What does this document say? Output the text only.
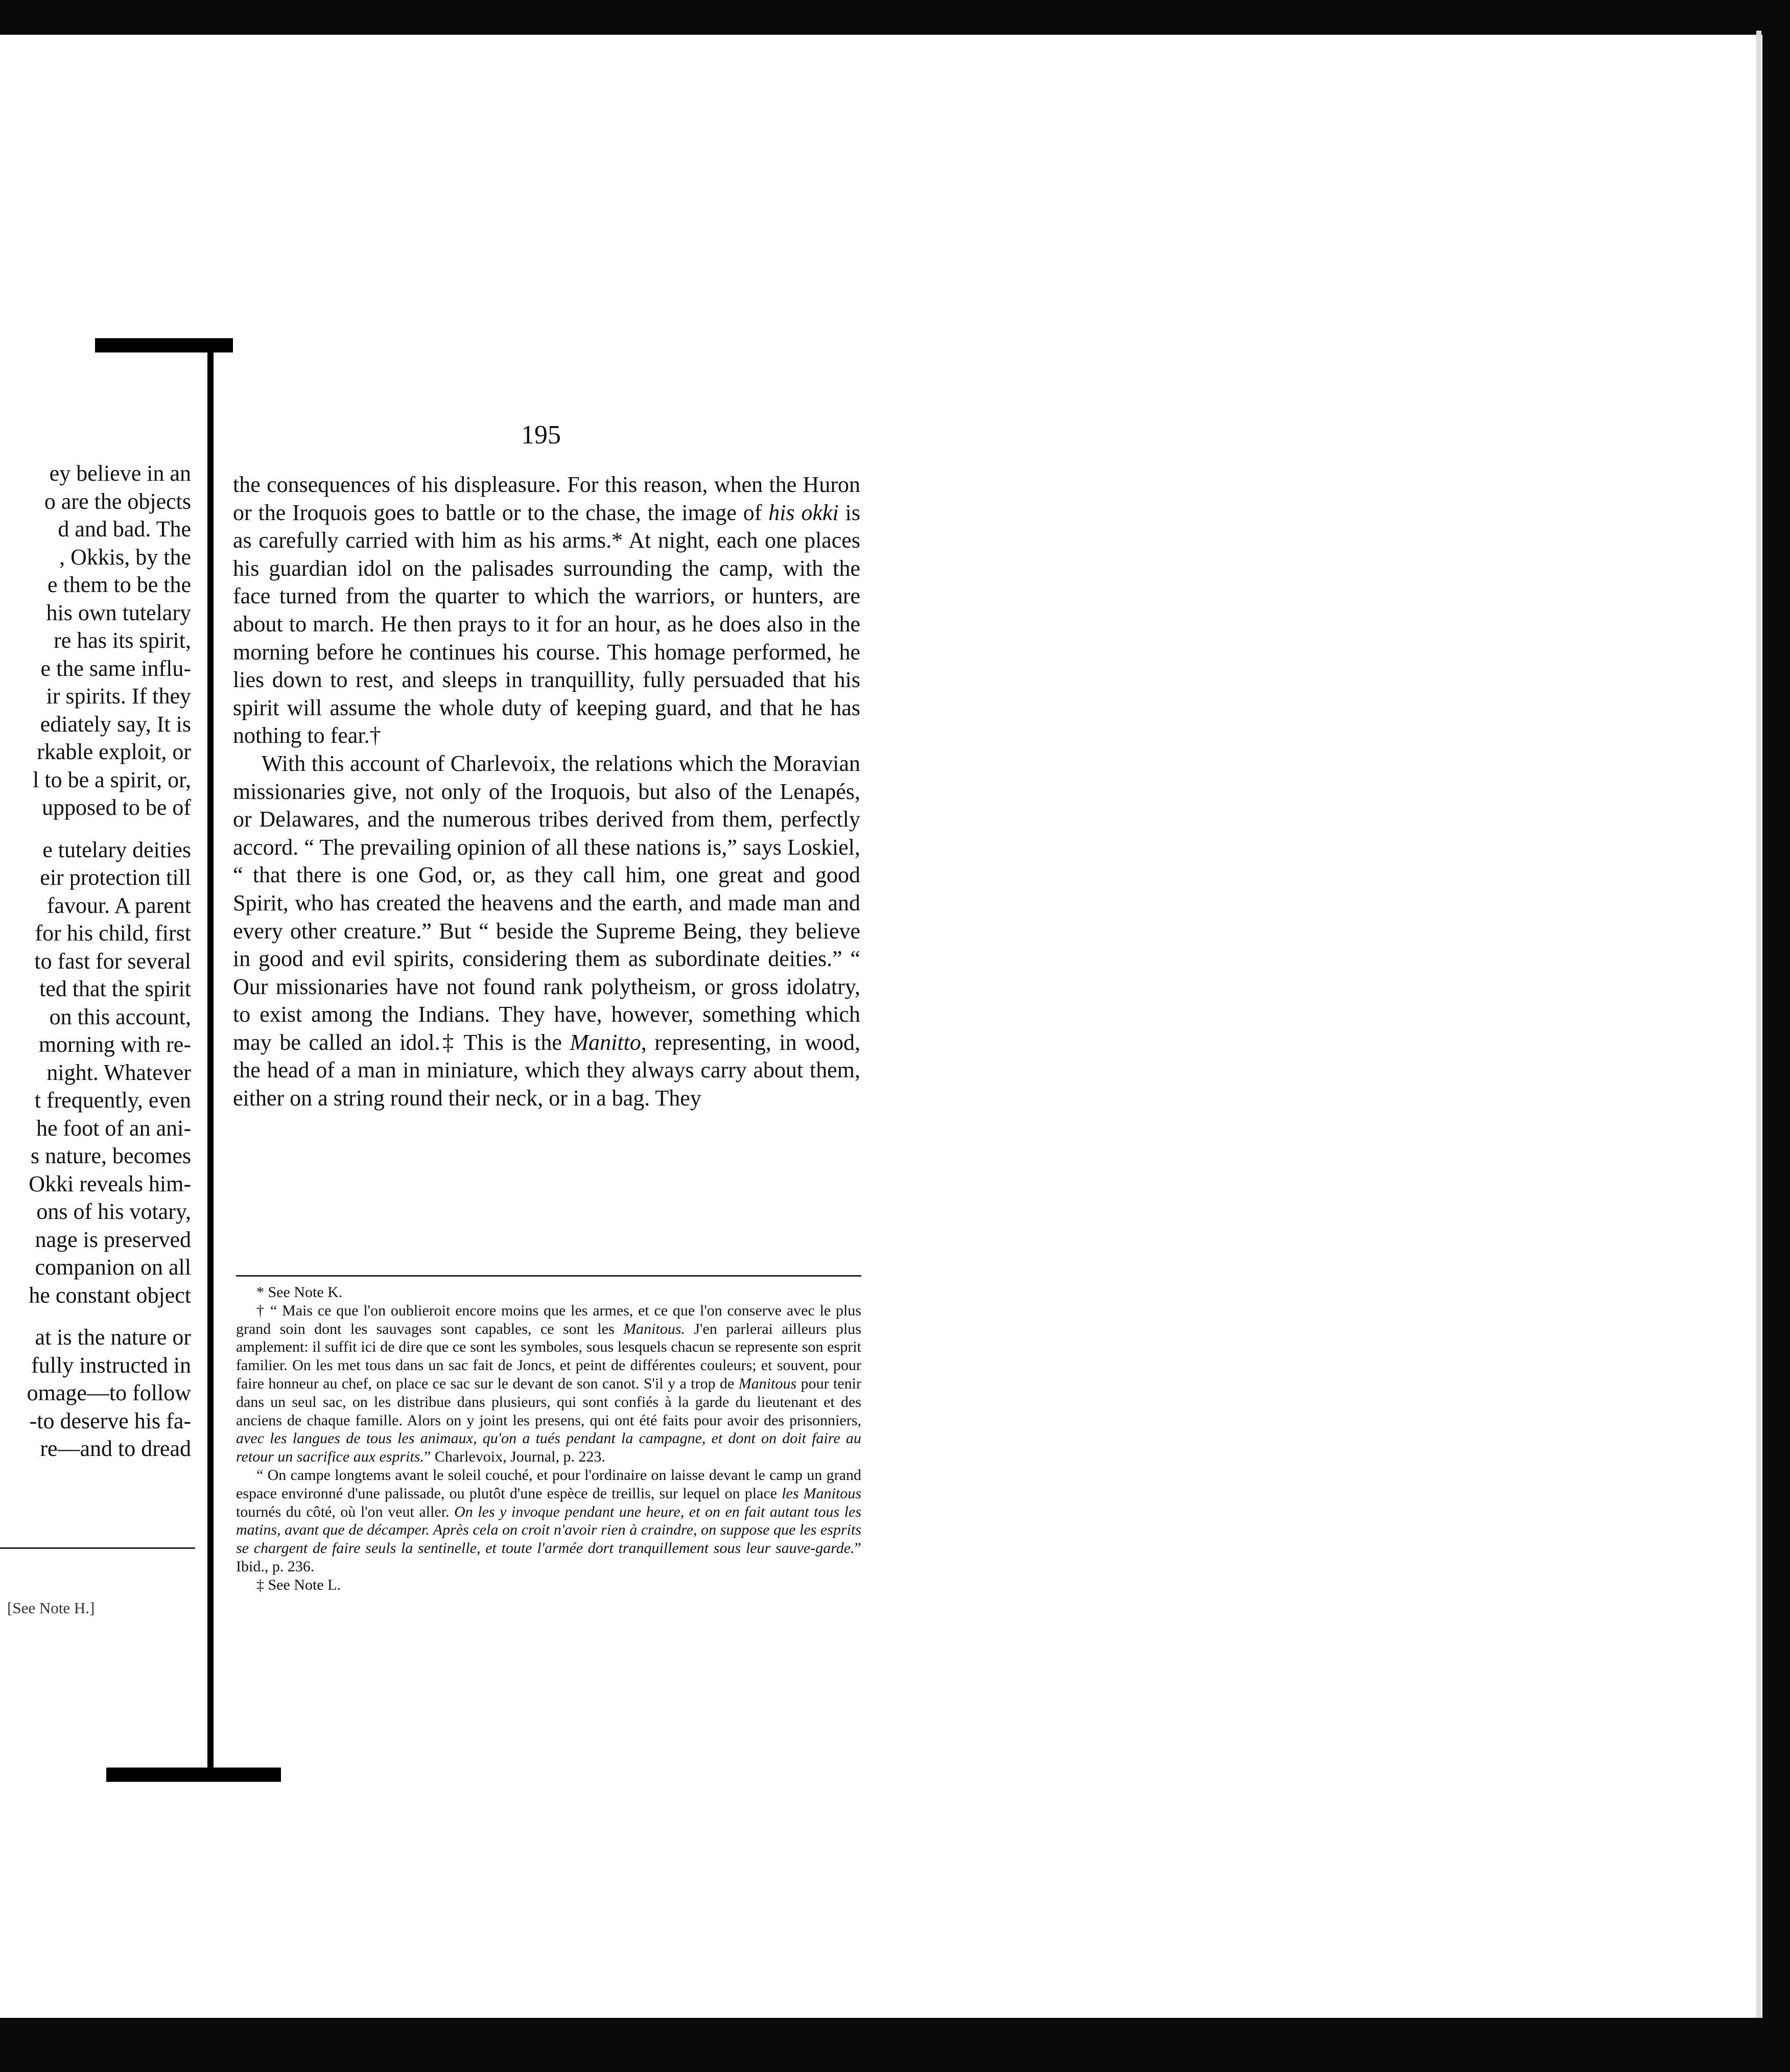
ey believe in an
o are the objects
d and bad. The
, Okkis, by the
e them to be the
his own tutelary
re has its spirit,
e the same influ-
ir spirits. If they
ediately say, It is
rkable exploit, or
l to be a spirit, or,
upposed to be of
e tutelary deities
eir protection till
favour. A parent
for his child, first
to fast for several
ted that the spirit
on this account,
morning with re-
night. Whatever
t frequently, even
he foot of an ani-
s nature, becomes
Okki reveals him-
ons of his votary,
nage is preserved
companion on all
he constant object
at is the nature or
fully instructed in
omage—to follow
-to deserve his fa-
re—and to dread
[See Note H.]
195

the consequences of his displeasure. For this reason, when the Huron or the Iroquois goes to battle or to the chase, the image of his okki is as carefully carried with him as his arms.* At night, each one places his guardian idol on the palisades surrounding the camp, with the face turned from the quarter to which the warriors, or hunters, are about to march. He then prays to it for an hour, as he does also in the morning before he continues his course. This homage performed, he lies down to rest, and sleeps in tranquillity, fully persuaded that his spirit will assume the whole duty of keeping guard, and that he has nothing to fear.†

With this account of Charlevoix, the relations which the Moravian missionaries give, not only of the Iroquois, but also of the Lenapés, or Delawares, and the numerous tribes derived from them, perfectly accord. “ The prevailing opinion of all these nations is,” says Loskiel, “ that there is one God, or, as they call him, one great and good Spirit, who has created the heavens and the earth, and made man and every other creature.” But “ beside the Supreme Being, they believe in good and evil spirits, considering them as subordinate deities.” “ Our missionaries have not found rank polytheism, or gross idolatry, to exist among the Indians. They have, however, something which may be called an idol.‡ This is the Manitto, representing, in wood, the head of a man in miniature, which they always carry about them, either on a string round their neck, or in a bag. They

* See Note K.

† “ Mais ce que l'on oublieroit encore moins que les armes, et ce que l'on conserve avec le plus grand soin dont les sauvages sont capables, ce sont les Manitous. J'en parlerai ailleurs plus amplement: il suffit ici de dire que ce sont les symboles, sous lesquels chacun se represente son esprit familier. On les met tous dans un sac fait de Joncs, et peint de différentes couleurs; et souvent, pour faire honneur au chef, on place ce sac sur le devant de son canot. S'il y a trop de Manitous pour tenir dans un seul sac, on les distribue dans plusieurs, qui sont confiés à la garde du lieutenant et des anciens de chaque famille. Alors on y joint les presens, qui ont été faits pour avoir des prisonniers, avec les langues de tous les animaux, qu'on a tués pendant la campagne, et dont on doit faire au retour un sacrifice aux esprits.” Charlevoix, Journal, p. 223.

“ On campe longtems avant le soleil couché, et pour l'ordinaire on laisse devant le camp un grand espace environné d'une palissade, ou plutôt d'une espèce de treillis, sur lequel on place les Manitous tournés du côté, où l'on veut aller. On les y invoque pendant une heure, et on en fait autant tous les matins, avant que de décamper. Après cela on croit n'avoir rien à craindre, on suppose que les esprits se chargent de faire seuls la sentinelle, et toute l'armée dort tranquillement sous leur sauve-garde.” Ibid., p. 236.

‡ See Note L.
